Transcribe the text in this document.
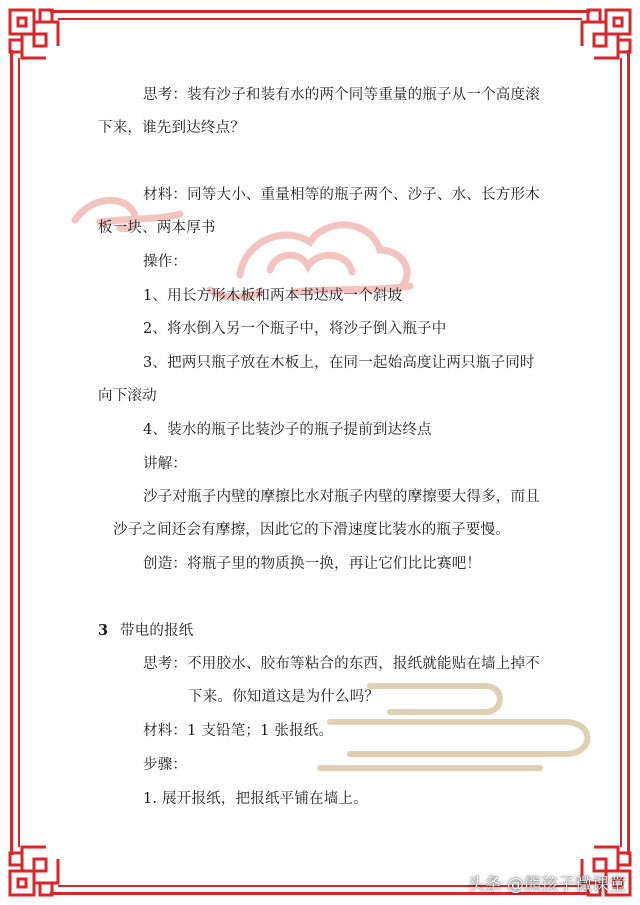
思考：装有沙子和装有水的两个同等重量的瓶子从一个高度滚
下来，谁先到达终点？
材料：同等大小、重量相等的瓶子两个、沙子、水、长方形木
板一块、两本厚书
操作：
1、用长方形木板和两本书达成一个斜坡
2、将水倒入另一个瓶子中，将沙子倒入瓶子中
3、把两只瓶子放在木板上，在同一起始高度让两只瓶子同时
向下滚动
4、装水的瓶子比装沙子的瓶子提前到达终点
讲解：
沙子对瓶子内壁的摩擦比水对瓶子内壁的摩擦要大得多，而且
沙子之间还会有摩擦，因此它的下滑速度比装水的瓶子要慢。
创造：将瓶子里的物质换一换，再让它们比比赛吧！
3 带电的报纸
思考：不用胶水、胶布等粘合的东西，报纸就能贴在墙上掉不
下来。你知道这是为什么吗？
材料：1 支铅笔；1 张报纸。
步骤：
1. 展开报纸，把报纸平铺在墙上。
头条 @熊孩子微课堂
